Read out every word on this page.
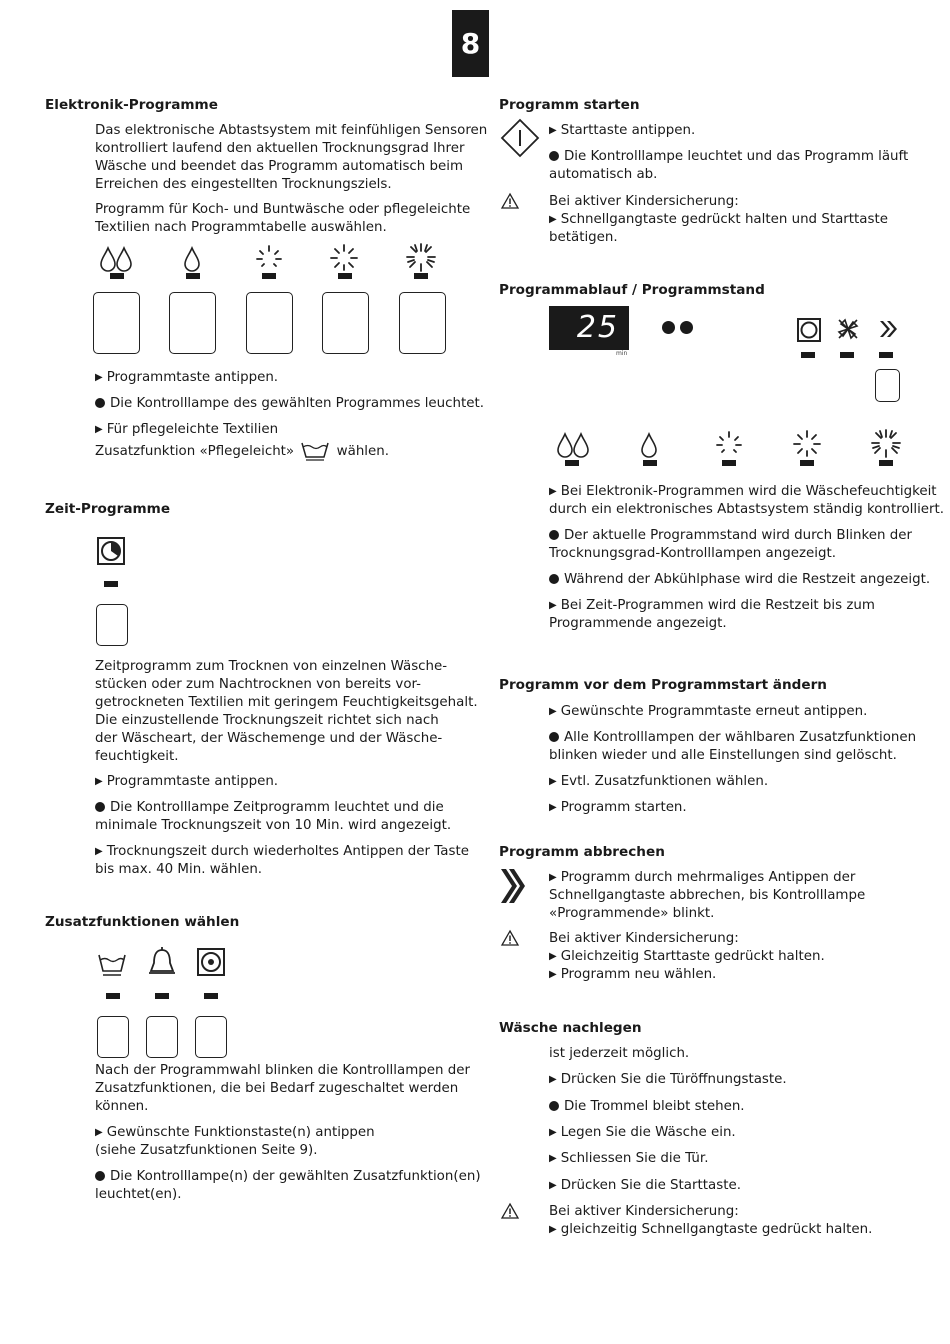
8
Elektronik-Programme
Das elektronische Abtastsystem mit feinfühligen Sensoren
kontrolliert laufend den aktuellen Trocknungsgrad Ihrer
Wäsche und beendet das Programm automatisch beim
Erreichen des eingestellten Trocknungsziels.
Programm für Koch- und Buntwäsche oder pflegeleichte
Textilien nach Programmtabelle auswählen.
▶ Programmtaste antippen.
Die Kontrolllampe des gewählten Programmes leuchtet.
▶ Für pflegeleichte Textilien
Zusatzfunktion «Pflegeleicht»	wählen.
Zeit-Programme
Zeitprogramm zum Trocknen von einzelnen Wäsche-
stücken oder zum Nachtrocknen von bereits vor-
getrockneten Textilien mit geringem Feuchtigkeitsgehalt.
Die einzustellende Trocknungszeit richtet sich nach
der Wäscheart, der Wäschemenge und der Wäsche-
feuchtigkeit.
▶ Programmtaste antippen.
Die Kontrolllampe Zeitprogramm leuchtet und die
minimale Trocknungszeit von 10 Min. wird angezeigt.
▶ Trocknungszeit durch wiederholtes Antippen der Taste
bis max. 40 Min. wählen.
Zusatzfunktionen wählen
Nach der Programmwahl blinken die Kontrolllampen der
Zusatzfunktionen, die bei Bedarf zugeschaltet werden
können.
▶ Gewünschte Funktionstaste(n) antippen
(siehe Zusatzfunktionen Seite 9).
Die Kontrolllampe(n) der gewählten Zusatzfunktion(en)
leuchtet(en).
Programm starten
▶ Starttaste antippen.
Die Kontrolllampe leuchtet und das Programm läuft
automatisch ab.
Bei aktiver Kindersicherung:
▶ Schnellgangtaste gedrückt halten und Starttaste
betätigen.
Programmablauf / Programmstand
25
min
▶ Bei Elektronik-Programmen wird die Wäschefeuchtigkeit
durch ein elektronisches Abtastsystem ständig kontrolliert.
Der aktuelle Programmstand wird durch Blinken der
Trocknungsgrad-Kontrolllampen angezeigt.
Während der Abkühlphase wird die Restzeit angezeigt.
▶ Bei Zeit-Programmen wird die Restzeit bis zum
Programmende angezeigt.
Programm vor dem Programmstart ändern
▶ Gewünschte Programmtaste erneut antippen.
Alle Kontrolllampen der wählbaren Zusatzfunktionen
blinken wieder und alle Einstellungen sind gelöscht.
▶ Evtl. Zusatzfunktionen wählen.
▶ Programm starten.
Programm abbrechen
▶ Programm durch mehrmaliges Antippen der
Schnellgangtaste abbrechen, bis Kontrolllampe
«Programmende» blinkt.
Bei aktiver Kindersicherung:
▶ Gleichzeitig Starttaste gedrückt halten.
▶ Programm neu wählen.
Wäsche nachlegen
ist jederzeit möglich.
▶ Drücken Sie die Türöffnungstaste.
Die Trommel bleibt stehen.
▶ Legen Sie die Wäsche ein.
▶ Schliessen Sie die Tür.
▶ Drücken Sie die Starttaste.
Bei aktiver Kindersicherung:
▶ gleichzeitig Schnellgangtaste gedrückt halten.
